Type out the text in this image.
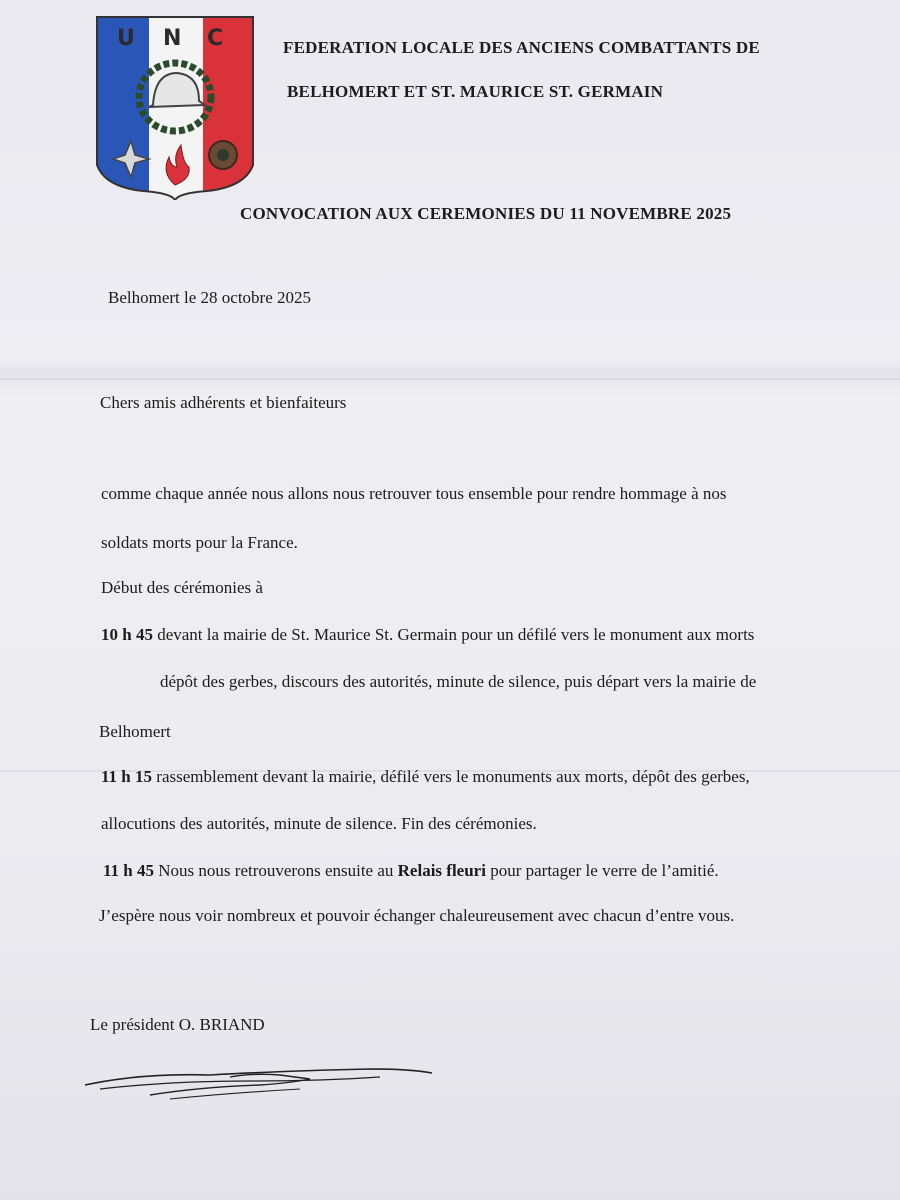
U N C	FEDERATION LOCALE DES ANCIENS COMBATTANTS DE
BELHOMERT ET ST. MAURICE ST. GERMAIN
CONVOCATION AUX CEREMONIES DU 11 NOVEMBRE 2025
Belhomert le 28 octobre 2025
Chers amis adhérents et bienfaiteurs
comme chaque année nous allons nous retrouver tous ensemble pour rendre hommage à nos
soldats morts pour la France.
Début des cérémonies à
10 h 45 devant la mairie de St. Maurice St. Germain pour un défilé vers le monument aux morts
dépôt des gerbes, discours des autorités, minute de silence, puis départ vers la mairie de
Belhomert
11 h 15 rassemblement devant la mairie, défilé vers le monuments aux morts, dépôt des gerbes,
allocutions des autorités, minute de silence. Fin des cérémonies.
11 h 45 Nous nous retrouverons ensuite au Relais fleuri pour partager le verre de l’amitié.
J’espère nous voir nombreux et pouvoir échanger chaleureusement avec chacun d’entre vous.
Le président O. BRIAND
